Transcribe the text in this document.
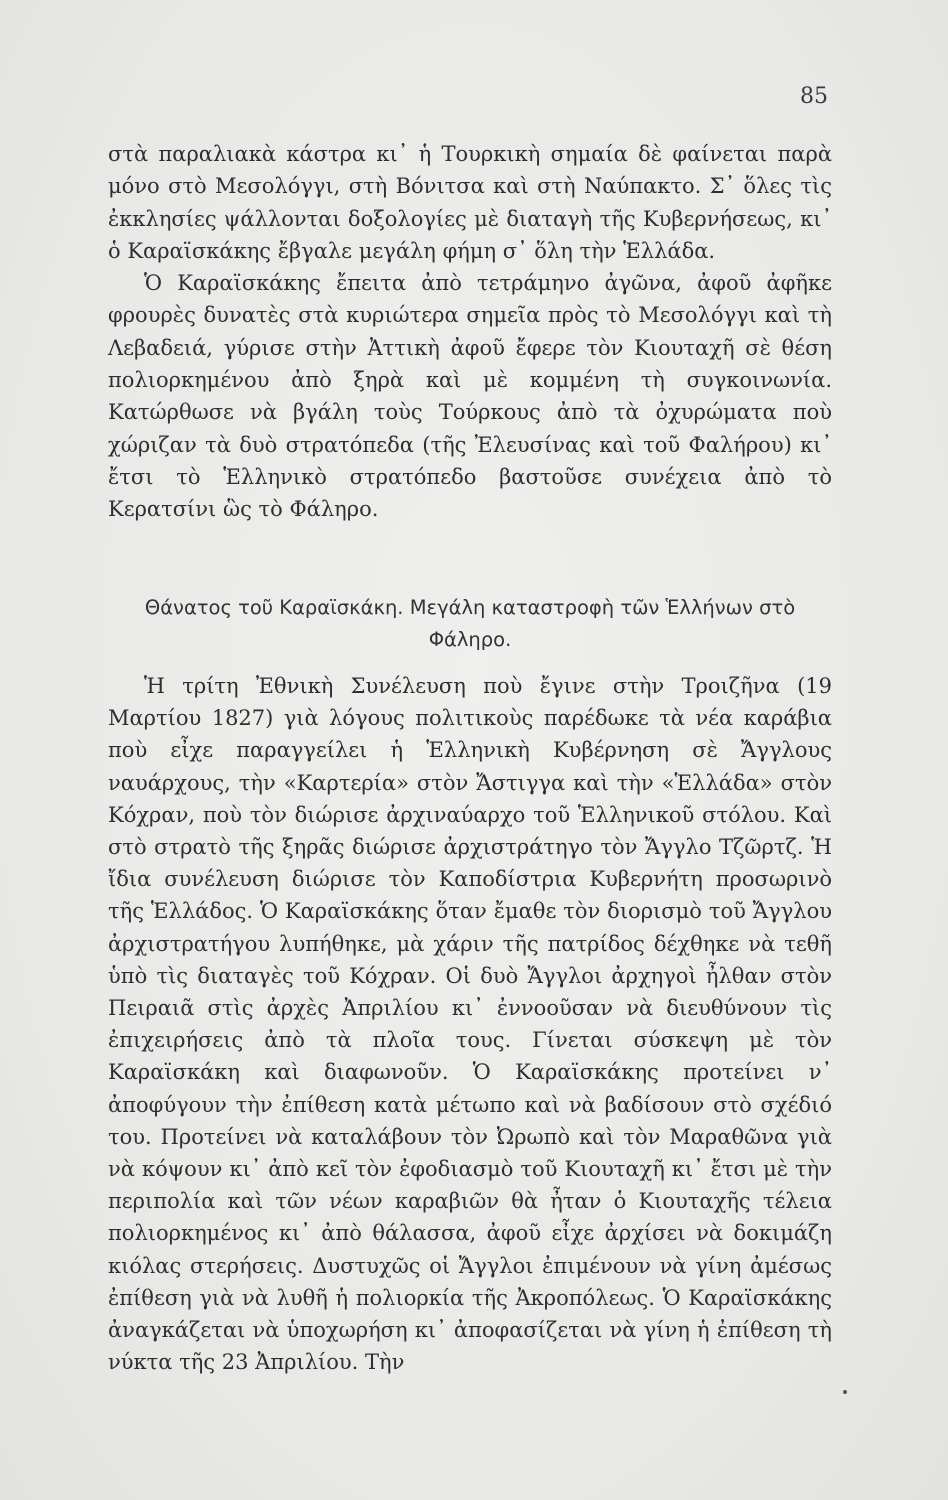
85

στὰ παραλιακὰ κάστρα κι᾿ ἡ Τουρκικὴ σημαία δὲ φαίνεται παρὰ μόνο στὸ Μεσολόγγι, στὴ Βόνιτσα καὶ στὴ Ναύπακτο. Σ᾿ ὅλες τὶς ἐκκλησίες ψάλλονται δοξολογίες μὲ διαταγὴ τῆς Κυβερνήσεως, κι᾿ ὁ Καραϊσκάκης ἔβγαλε μεγάλη φήμη σ᾿ ὅλη τὴν Ἑλλάδα.

Ὁ Καραϊσκάκης ἔπειτα ἀπὸ τετράμηνο ἀγῶνα, ἀφοῦ ἀφῆκε φρουρὲς δυνατὲς στὰ κυριώτερα σημεῖα πρὸς τὸ Μεσολόγγι καὶ τὴ Λεβαδειά, γύρισε στὴν Ἀττικὴ ἀφοῦ ἔφερε τὸν Κιουταχῆ σὲ θέση πολιορκημένου ἀπὸ ξηρὰ καὶ μὲ κομμένη τὴ συγκοινωνία. Κατώρθωσε νὰ βγάλη τοὺς Τούρκους ἀπὸ τὰ ὀχυρώματα ποὺ χώριζαν τὰ δυὸ στρατόπεδα (τῆς Ἐλευσίνας καὶ τοῦ Φαλήρου) κι᾿ ἔτσι τὸ Ἑλληνικὸ στρατόπεδο βαστοῦσε συνέχεια ἀπὸ τὸ Κερατσίνι ὣς τὸ Φάληρο.

Θάνατος τοῦ Καραϊσκάκη. Μεγάλη καταστροφὴ τῶν Ἑλλήνων στὸ Φάληρο.

Ἡ τρίτη Ἐθνικὴ Συνέλευση ποὺ ἔγινε στὴν Τροιζῆνα (19 Μαρτίου 1827) γιὰ λόγους πολιτικοὺς παρέδωκε τὰ νέα καράβια ποὺ εἶχε παραγγείλει ἡ Ἑλληνικὴ Κυβέρνηση σὲ Ἄγγλους ναυάρχους, τὴν «Καρτερία» στὸν Ἄστιγγα καὶ τὴν «Ἑλλάδα» στὸν Κόχραν, ποὺ τὸν διώρισε ἀρχιναύαρχο τοῦ Ἑλληνικοῦ στόλου. Καὶ στὸ στρατὸ τῆς ξηρᾶς διώρισε ἀρχιστράτηγο τὸν Ἄγγλο Τζῶρτζ. Ἡ ἴδια συνέλευση διώρισε τὸν Καποδίστρια Κυβερνήτη προσωρινὸ τῆς Ἑλλάδος. Ὁ Καραϊσκάκης ὅταν ἔμαθε τὸν διορισμὸ τοῦ Ἄγγλου ἀρχιστρατήγου λυπήθηκε, μὰ χάριν τῆς πατρίδος δέχθηκε νὰ τεθῆ ὑπὸ τὶς διαταγὲς τοῦ Κόχραν. Οἱ δυὸ Ἄγγλοι ἀρχηγοὶ ἦλθαν στὸν Πειραιᾶ στὶς ἀρχὲς Ἀπριλίου κι᾿ ἐννοοῦσαν νὰ διευθύνουν τὶς ἐπιχειρήσεις ἀπὸ τὰ πλοῖα τους. Γίνεται σύσκεψη μὲ τὸν Καραϊσκάκη καὶ διαφωνοῦν. Ὁ Καραϊσκάκης προτείνει ν᾿ ἀποφύγουν τὴν ἐπίθεση κατὰ μέτωπο καὶ νὰ βαδίσουν στὸ σχέδιό του. Προτείνει νὰ καταλάβουν τὸν Ὠρωπὸ καὶ τὸν Μαραθῶνα γιὰ νὰ κόψουν κι᾿ ἀπὸ κεῖ τὸν ἐφοδιασμὸ τοῦ Κιουταχῆ κι᾿ ἔτσι μὲ τὴν περιπολία καὶ τῶν νέων καραβιῶν θὰ ἦταν ὁ Κιουταχῆς τέλεια πολιορκημένος κι᾿ ἀπὸ θάλασσα, ἀφοῦ εἶχε ἀρχίσει νὰ δοκιμάζη κιόλας στερήσεις. Δυστυχῶς οἱ Ἄγγλοι ἐπιμένουν νὰ γίνη ἀμέσως ἐπίθεση γιὰ νὰ λυθῆ ἡ πολιορκία τῆς Ἀκροπόλεως. Ὁ Καραϊσκάκης ἀναγκάζεται νὰ ὑποχωρήση κι᾿ ἀποφασίζεται νὰ γίνη ἡ ἐπίθεση τὴ νύκτα τῆς 23 Ἀπριλίου. Τὴν
